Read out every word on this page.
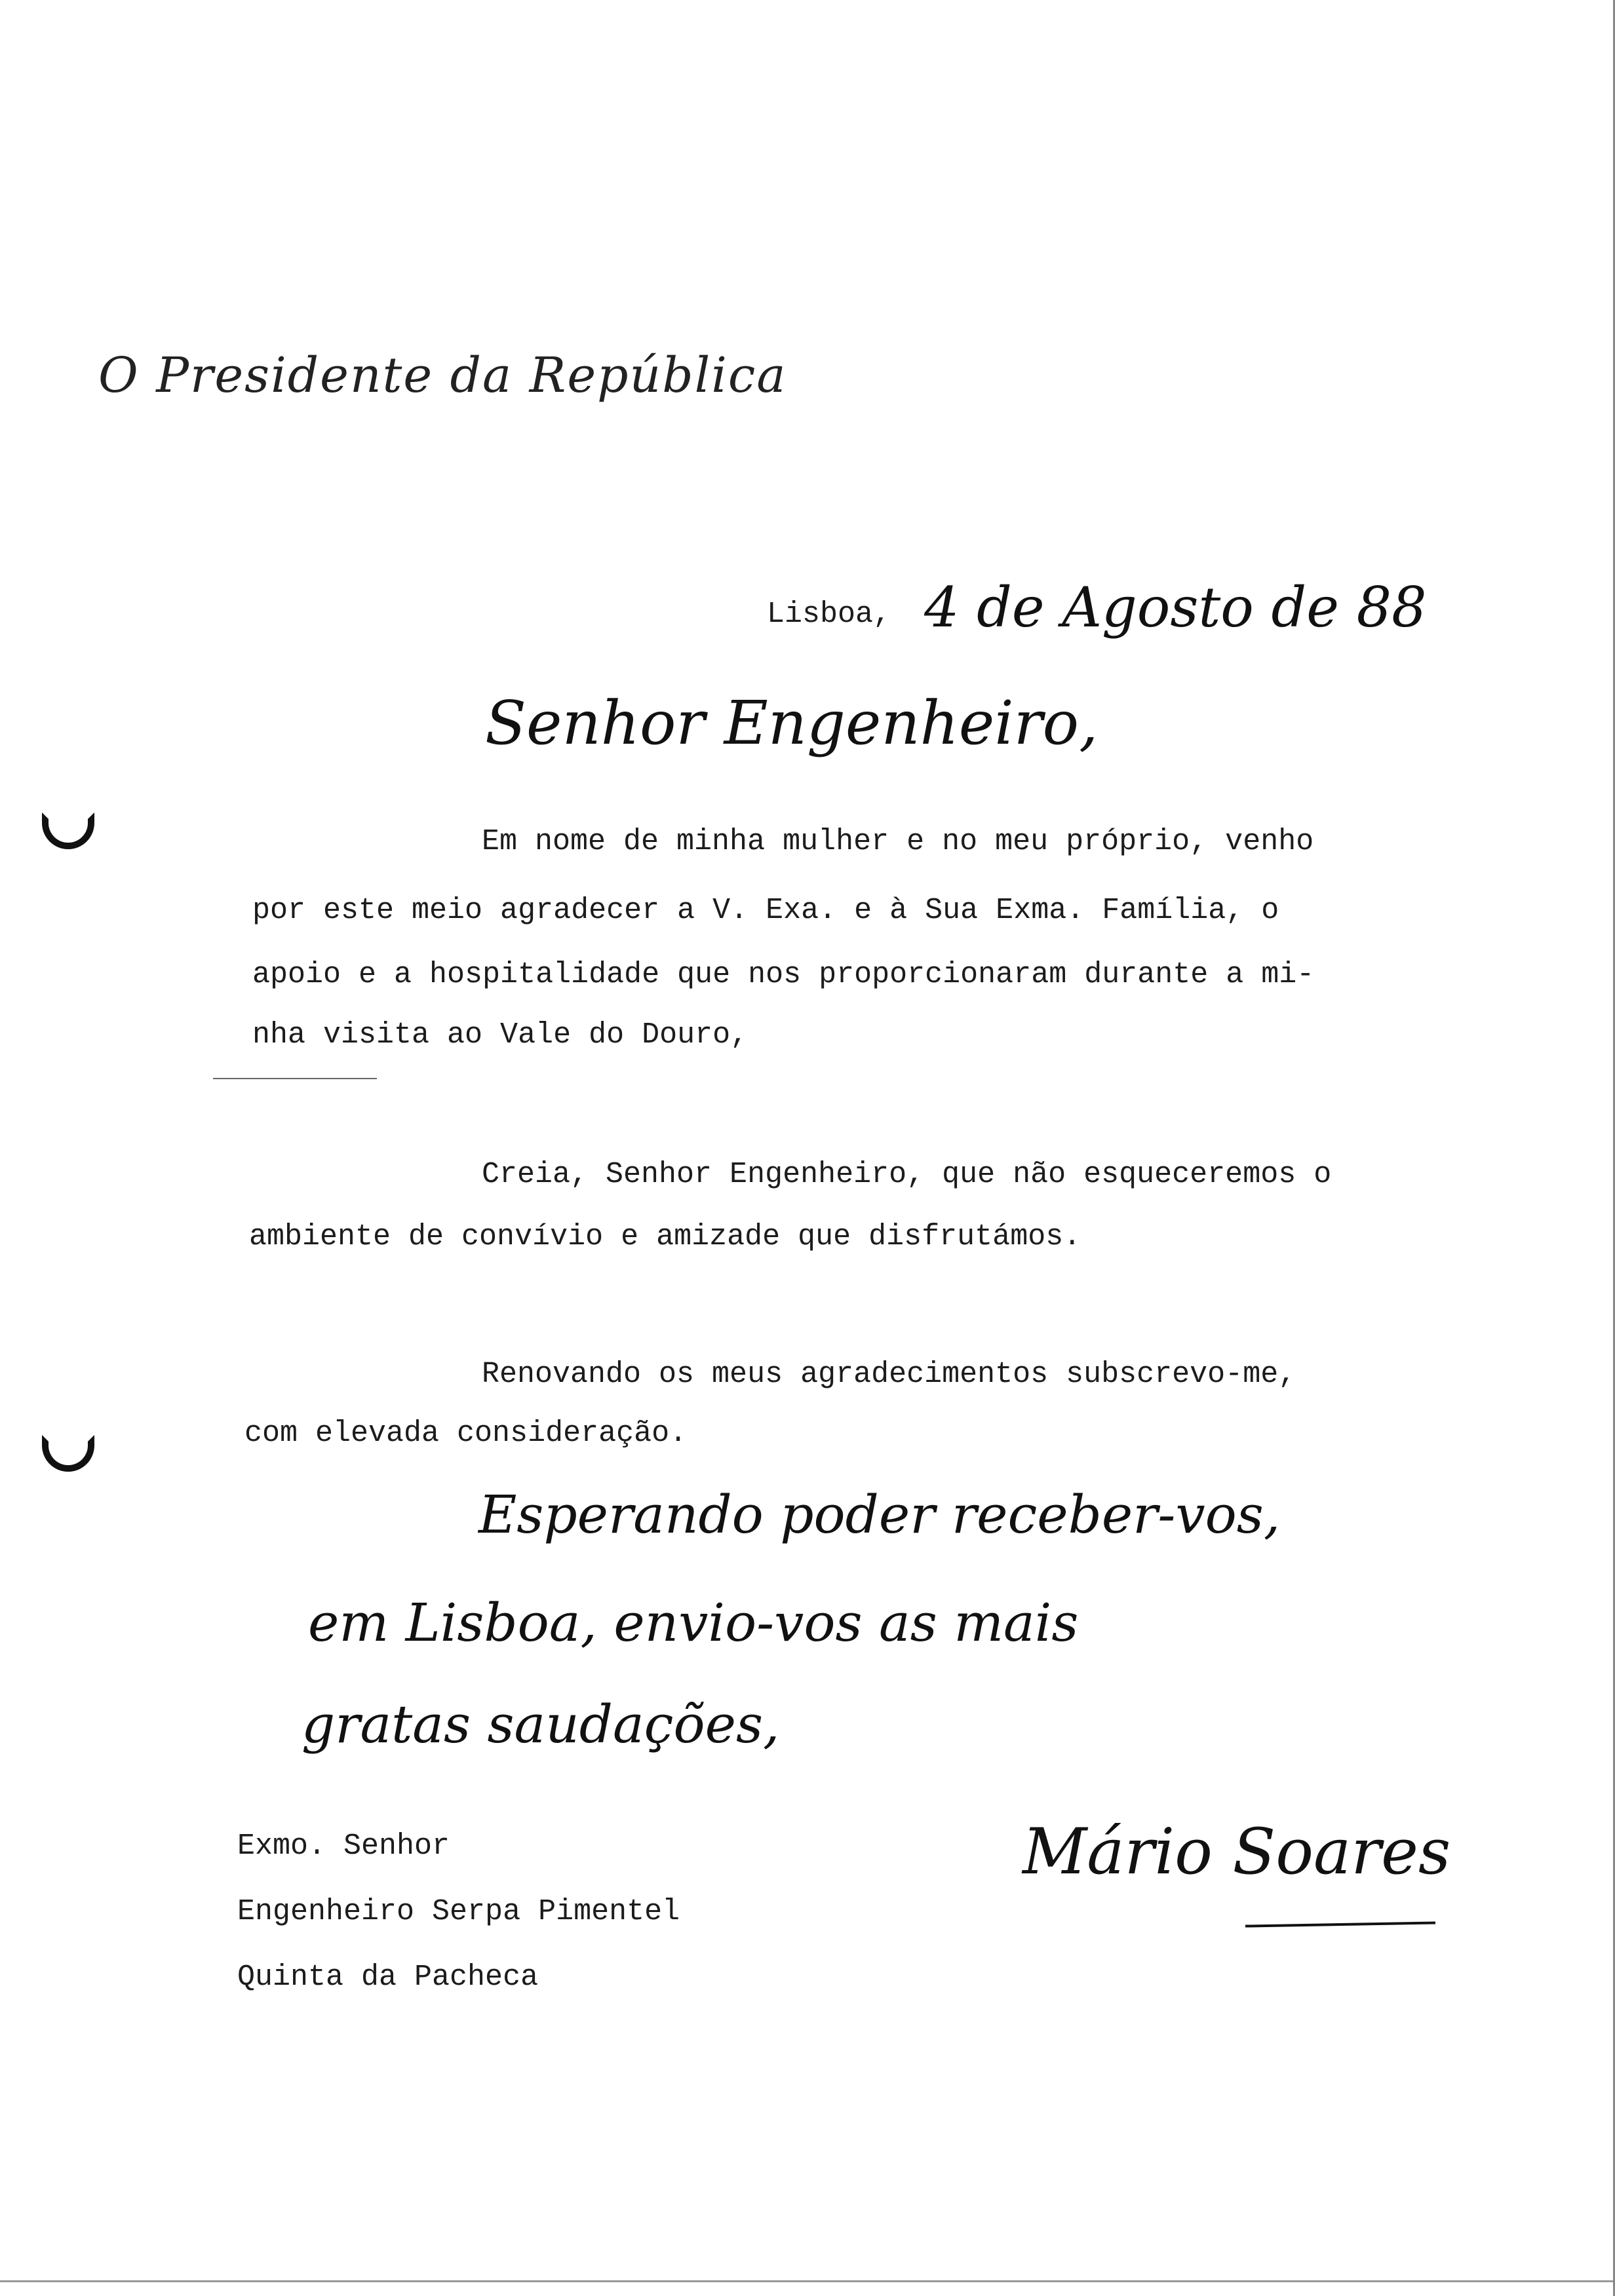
O Presidente da República
Lisboa, 4 de Agosto de 88
Senhor Engenheiro,
Em nome de minha mulher e no meu próprio, venho
por este meio agradecer a V. Exa. e à Sua Exma. Família, o
apoio e a hospitalidade que nos proporcionaram durante a mi-
nha visita ao Vale do Douro,
Creia, Senhor Engenheiro, que não esqueceremos o
ambiente de convívio e amizade que disfrutámos.
Renovando os meus agradecimentos subscrevo-me,
com elevada consideração.
Esperando poder receber-vos,
em Lisboa, envio-vos as mais
gratas saudações,
Mário Soares
Exmo. Senhor
Engenheiro Serpa Pimentel
Quinta da Pacheca
